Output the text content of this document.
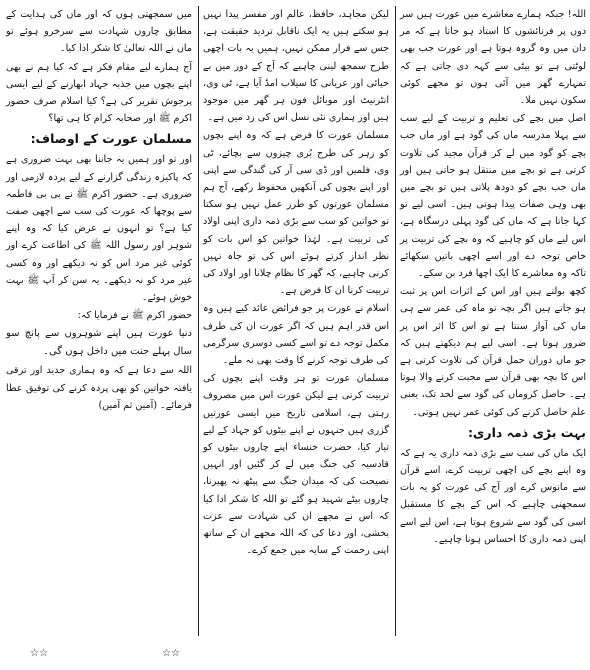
اللہ! جبکہ ہمارے معاشرے میں عورت ہیں سر دوں پر فرنائشوں کا استاد ہو جاتا ہے کہ مر دان میں وہ گروہ ہوتا ہے اور عورت جب بھی لوٹتی ہے تو بیٹی سے کہہ دی جاتی ہے کہ تمہارے گھر میں آئی ہوں تو مجھے کوئی سکون نہیں ملا۔

اصل میں بچے کی تعلیم و تربیت کے لیے سب سے پہلا مدرسہ ماں کی گود ہے اور ماں جب بچے کو گود میں لے کر قرآن مجید کی تلاوت کرتی ہے تو بچے میں منتقل ہو جاتی ہیں اور ماں جب بچے کو دودھ پلاتی ہیں تو بچے میں بھی وہی صفات پیدا ہوتی ہیں۔ اسی لیے تو کہا جاتا ہے کہ ماں کی گود پہلی درسگاہ ہے، اس لیے ماں کو چاہیے کہ وہ بچے کی تربیت پر خاص توجہ دے اور اسے اچھی باتیں سکھائے تاکہ وہ معاشرے کا ایک اچھا فرد بن سکے۔

کچھ بولنے ہیں اور اس کے اثرات اس پر ثبت ہو جاتے ہیں اگر بچہ نو ماہ کی عمر سے ہی ماں کی آواز سنتا ہے تو اس کا اثر اس پر ضرور ہوتا ہے۔ اسی لیے ہم دیکھتے ہیں کہ جو ماں دوران حمل قرآن کی تلاوت کرتی ہے اس کا بچہ بھی قرآن سے محبت کرنے والا ہوتا ہے۔ حاصل کروماں کی گود سے لحد تک، یعنی علم حاصل کرنے کی کوئی عمر نہیں ہوتی۔

بہت بڑی ذمہ داری:

ایک ماں کی سب سے بڑی ذمہ داری یہ ہے کہ وہ اپنے بچے کی اچھی تربیت کرے، اسے قرآن سے مانوس کرے اور آج کی عورت کو یہ بات سمجھنی چاہیے کہ اس کے بچے کا مستقبل اسی کی گود سے شروع ہوتا ہے، اس لیے اسے اپنی ذمہ داری کا احساس ہونا چاہیے۔

لیکن مجاہد، حافظ، عالم اور مفسر پیدا نہیں ہو سکتے ہیں یہ ایک ناقابل تردید حقیقت ہے، جس سے فرار ممکن نہیں، ہمیں یہ بات اچھی طرح سمجھ لینی چاہیے کہ آج کے دور میں بے حیائی اور عریانی کا سیلاب امڈ آیا ہے، ٹی وی، انٹرنیٹ اور موبائل فون ہر گھر میں موجود ہیں اور ہماری نئی نسل اس کی زد میں ہے۔

مسلمان عورت کا فرض ہے کہ وہ اپنے بچوں کو زہر کی طرح بُری چیزوں سے بچائے، ٹی وی، فلمیں اور ڈی سی آر کی گندگی سے اپنی اور اپنے بچوں کی آنکھیں محفوظ رکھے، آج ہم مسلمان عورتوں کو طرز عمل نہیں ہو سکتا تو خواتین کو سب سے بڑی ذمہ داری اپنی اولاد کی تربیت ہے۔ لہٰذا خواتین کو اس بات کو نظر انداز کرتے ہوئے اس کی تو جاہ نہیں کرنی چاہیے، کہ گھر کا نظام چلانا اور اولاد کی تربیت کرنا ان کا فرض ہے۔

اسلام نے عورت پر جو فرائض عائد کیے ہیں وہ اس قدر اہم ہیں کہ اگر عورت ان کی طرف مکمل توجہ دے تو اسے کسی دوسری سرگرمی کی طرف توجہ کرنے کا وقت بھی نہ ملے۔

مسلمان عورت تو ہر وقت اپنے بچوں کی تربیت کرتی ہے لیکن عورت اس میں مصروف رہتی ہے، اسلامی تاریخ میں ایسی عورتیں گزری ہیں جنہوں نے اپنے بیٹوں کو جہاد کے لیے تیار کیا، حضرت خنساء اپنے چاروں بیٹوں کو قادسیہ کی جنگ میں لے کر گئیں اور انہیں نصیحت کی کہ میدان جنگ سے پیٹھ نہ پھیرنا، چاروں بیٹے شہید ہو گئے تو اللہ کا شکر ادا کیا کہ اس نے مجھے ان کی شہادت سے عزت بخشی، اور دعا کی کہ اللہ مجھے ان کے ساتھ اپنی رحمت کے سایہ میں جمع کرے۔

میں سمجھتی ہوں کہ اور ماں کی ہدایت کے مطابق چاروں شہادت سے سرخرو ہوئے تو ماں نے اللہ تعالیٰ کا شکر ادا کیا۔

آج ہمارے لیے مقام فکر ہے کہ کیا ہم نے بھی اپنے بچوں میں جذبہ جہاد ابھارنے کے لیے ایسی پرجوش تقریر کی ہے؟ کیا اسلام صرف حضور اکرم ﷺ اور صحابہ کرام کا ہی تھا؟

مسلمان عورت کے اوصاف:

اور تو اور ہمیں یہ جاننا بھی بہت ضروری ہے کہ پاکیزہ زندگی گزارنے کے لیے پردہ لازمی اور ضروری ہے۔ حضور اکرم ﷺ نے بی بی فاطمہ سے پوچھا کہ عورت کی سب سے اچھی صفت کیا ہے؟ تو انہوں نے عرض کیا کہ وہ اپنے شوہر اور رسول اللہ ﷺ کی اطاعت کرے اور کوئی غیر مرد اس کو نہ دیکھے اور وہ کسی غیر مرد کو نہ دیکھے۔ یہ سن کر آپ ﷺ بہت خوش ہوئے۔

حضور اکرم ﷺ نے فرمایا کہ:

دنیا عورت ہیں اپنے شوہروں سے پانچ سو سال پہلے جنت میں داخل ہوں گی۔

اللہ سے دعا ہے کہ وہ ہماری جدید اور ترقی یافتہ خواتین کو بھی پردہ کرنے کی توفیق عطا فرمائے۔ (آمین ثم آمین)

☆☆	☆☆
